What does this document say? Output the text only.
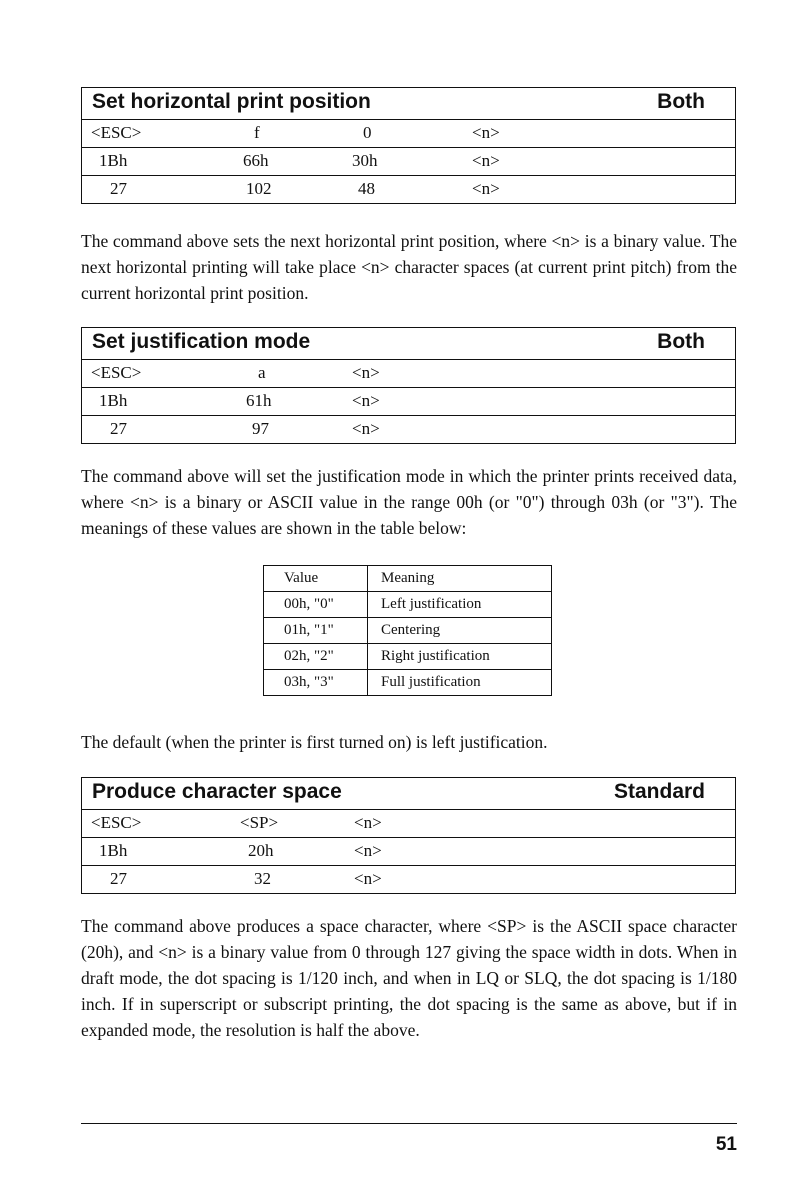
Set horizontal print position	Both
<ESC>	f	0	<n>
1Bh	66h	30h	<n>
27	102	48	<n>

The command above sets the next horizontal print position, where <n> is a binary value. The next horizontal printing will take place <n> character spaces (at current print pitch) from the current horizontal print position.

Set justification mode	Both
<ESC>	a	<n>
1Bh	61h	<n>
27	97	<n>

The command above will set the justification mode in which the printer prints received data, where <n> is a binary or ASCII value in the range 00h (or "0") through 03h (or "3"). The meanings of these values are shown in the table below:

Value	Meaning
00h, "0"	Left justification
01h, "1"	Centering
02h, "2"	Right justification
03h, "3"	Full justification

The default (when the printer is first turned on) is left justification.

Produce character space	Standard
<ESC>	<SP>	<n>
1Bh	20h	<n>
27	32	<n>

The command above produces a space character, where <SP> is the ASCII space character (20h), and <n> is a binary value from 0 through 127 giving the space width in dots. When in draft mode, the dot spacing is 1/120 inch, and when in LQ or SLQ, the dot spacing is 1/180 inch. If in superscript or subscript printing, the dot spacing is the same as above, but if in expanded mode, the resolution is half the above.

51
